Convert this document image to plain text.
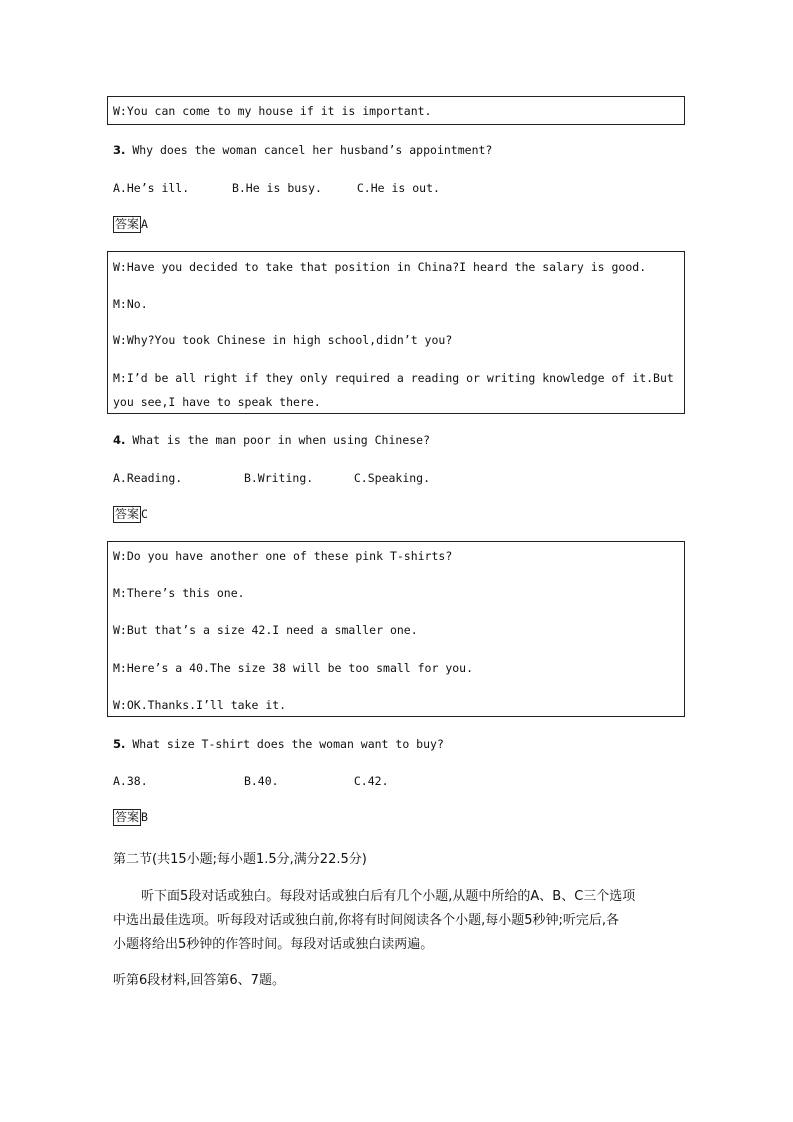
W:You can come to my house if it is important.
3. Why does the woman cancel her husband’s appointment?
A.He’s ill.	B.He is busy.	C.He is out.
答案 A
W:Have you decided to take that position in China?I heard the salary is good.
M:No.
W:Why?You took Chinese in high school,didn’t you?
M:I’d be all right if they only required a reading or writing knowledge of it.But
you see,I have to speak there.
4. What is the man poor in when using Chinese?
A.Reading.	B.Writing.	C.Speaking.
答案 C
W:Do you have another one of these pink T-shirts?
M:There’s this one.
W:But that’s a size 42.I need a smaller one.
M:Here’s a 40.The size 38 will be too small for you.
W:OK.Thanks.I’ll take it.
5. What size T-shirt does the woman want to buy?
A.38.	B.40.	C.42.
答案 B
第二节(共15小题;每小题1.5分,满分22.5分)
听下面5段对话或独白。每段对话或独白后有几个小题,从题中所给的A、B、C三个选项
中选出最佳选项。听每段对话或独白前,你将有时间阅读各个小题,每小题5秒钟;听完后,各
小题将给出5秒钟的作答时间。每段对话或独白读两遍。
听第6段材料,回答第6、7题。
